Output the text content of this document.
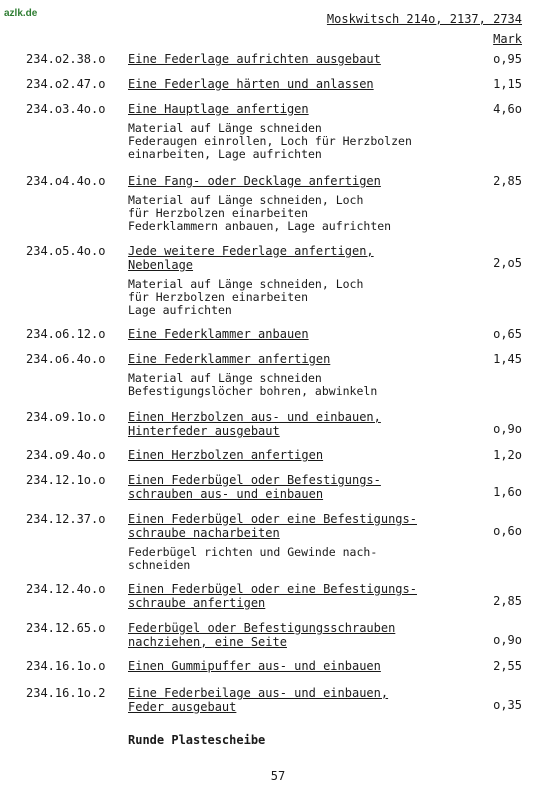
azlk.de	Moskwitsch 214o, 2137, 2734
Mark
234.o2.38.o	Eine Federlage aufrichten ausgebaut	o,95
234.o2.47.o	Eine Federlage härten und anlassen	1,15
234.o3.4o.o	Eine Hauptlage anfertigen	4,6o
Material auf Länge schneiden
Federaugen einrollen, Loch für Herzbolzen
einarbeiten, Lage aufrichten
234.o4.4o.o	Eine Fang- oder Decklage anfertigen	2,85
Material auf Länge schneiden, Loch
für Herzbolzen einarbeiten
Federklammern anbauen, Lage aufrichten
234.o5.4o.o	Jede weitere Federlage anfertigen,
Nebenlage	2,o5
Material auf Länge schneiden, Loch
für Herzbolzen einarbeiten
Lage aufrichten
234.o6.12.o	Eine Federklammer anbauen	o,65
234.o6.4o.o	Eine Federklammer anfertigen	1,45
Material auf Länge schneiden
Befestigungslöcher bohren, abwinkeln
234.o9.1o.o	Einen Herzbolzen aus- und einbauen,
Hinterfeder ausgebaut	o,9o
234.o9.4o.o	Einen Herzbolzen anfertigen	1,2o
234.12.1o.o	Einen Federbügel oder Befestigungs-
schrauben aus- und einbauen	1,6o
234.12.37.o	Einen Federbügel oder eine Befestigungs-
schraube nacharbeiten	o,6o
Federbügel richten und Gewinde nach-
schneiden
234.12.4o.o	Einen Federbügel oder eine Befestigungs-
schraube anfertigen	2,85
234.12.65.o	Federbügel oder Befestigungsschrauben
nachziehen, eine Seite	o,9o
234.16.1o.o	Einen Gummipuffer aus- und einbauen	2,55
234.16.1o.2	Eine Federbeilage aus- und einbauen,
Feder ausgebaut	o,35
Runde Plastescheibe
57
